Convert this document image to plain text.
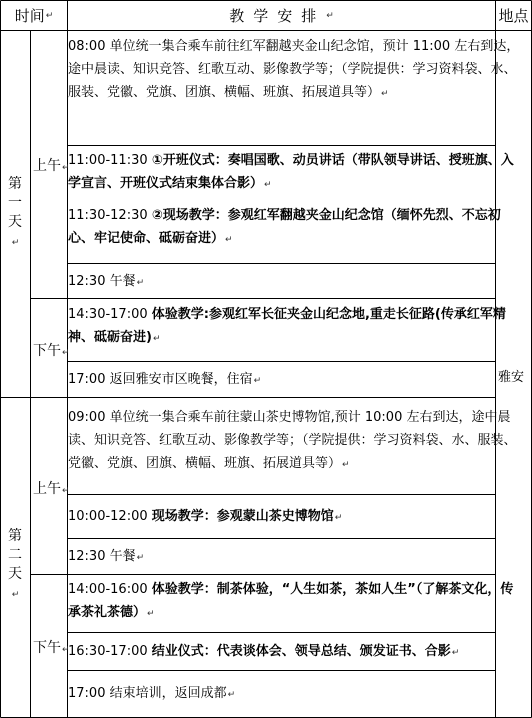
时间 ↵	教学安排 ↵	地点
第一天↵
第二天↵
上午↵
下午↵
上午↵
下午↵
雅安
08:00 单位统一集合乘车前往红军翻越夹金山纪念馆，预计 11:00 左右到达，途中晨读、知识竞答、红歌互动、影像教学等；（学院提供：学习资料袋、水、服装、党徽、党旗、团旗、横幅、班旗、拓展道具等）↵
11:00-11:30 ①开班仪式：奏唱国歌、动员讲话（带队领导讲话、授班旗、入学宣言、开班仪式结束集体合影）↵
11:30-12:30 ②现场教学：参观红军翻越夹金山纪念馆（缅怀先烈、不忘初心、牢记使命、砥砺奋进）↵
12:30 午餐↵
14:30-17:00 体验教学:参观红军长征夹金山纪念地,重走长征路(传承红军精神、砥砺奋进)↵
17:00 返回雅安市区晚餐，住宿↵
09:00 单位统一集合乘车前往蒙山茶史博物馆,预计 10:00 左右到达，途中晨读、知识竞答、红歌互动、影像教学等；（学院提供：学习资料袋、水、服装、党徽、党旗、团旗、横幅、班旗、拓展道具等）↵
10:00-12:00 现场教学：参观蒙山茶史博物馆↵
12:30 午餐↵
14:00-16:00 体验教学：制茶体验，“人生如茶，茶如人生”（了解茶文化，传承茶礼茶德）↵
16:30-17:00 结业仪式：代表谈体会、领导总结、颁发证书、合影↵
17:00 结束培训，返回成都↵
